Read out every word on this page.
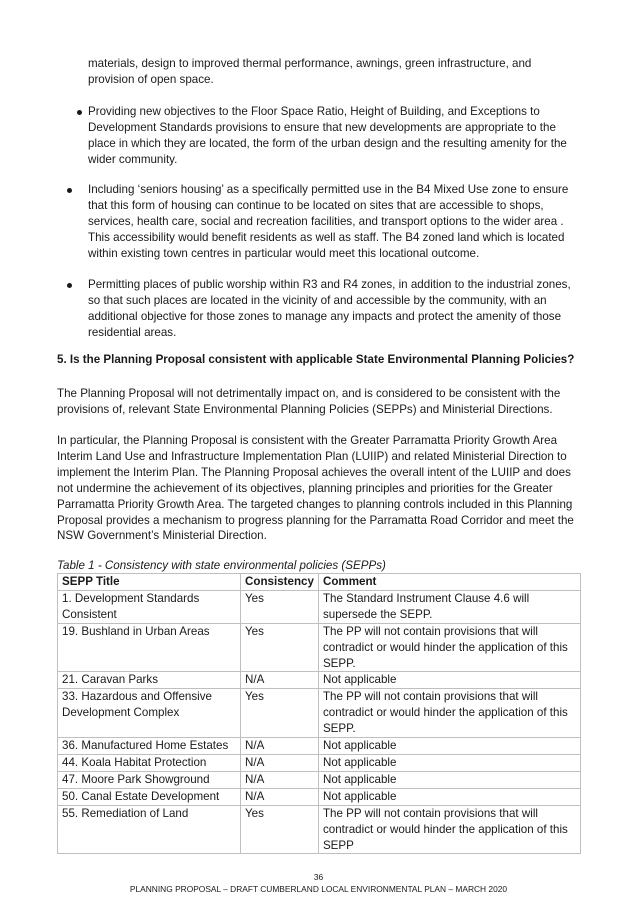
materials, design to improved thermal performance, awnings, green infrastructure, and provision of open space.

Providing new objectives to the Floor Space Ratio, Height of Building, and Exceptions to Development Standards provisions to ensure that new developments are appropriate to the place in which they are located, the form of the urban design and the resulting amenity for the wider community.

Including ‘seniors housing’ as a specifically permitted use in the B4 Mixed Use zone to ensure that this form of housing can continue to be located on sites that are accessible to shops, services, health care, social and recreation facilities, and transport options to the wider area . This accessibility would benefit residents as well as staff. The B4 zoned land which is located within existing town centres in particular would meet this locational outcome.

Permitting places of public worship within R3 and R4 zones, in addition to the industrial zones, so that such places are located in the vicinity of and accessible by the community, with an additional objective for those zones to manage any impacts and protect the amenity of those residential areas.

5. Is the Planning Proposal consistent with applicable State Environmental Planning Policies?

The Planning Proposal will not detrimentally impact on, and is considered to be consistent with the provisions of, relevant State Environmental Planning Policies (SEPPs) and Ministerial Directions.

In particular, the Planning Proposal is consistent with the Greater Parramatta Priority Growth Area Interim Land Use and Infrastructure Implementation Plan (LUIIP) and related Ministerial Direction to implement the Interim Plan. The Planning Proposal achieves the overall intent of the LUIIP and does not undermine the achievement of its objectives, planning principles and priorities for the Greater Parramatta Priority Growth Area. The targeted changes to planning controls included in this Planning Proposal provides a mechanism to progress planning for the Parramatta Road Corridor and meet the NSW Government’s Ministerial Direction.

Table 1 - Consistency with state environmental policies (SEPPs)
SEPP Title	Consistency	Comment
1. Development Standards Consistent	Yes	The Standard Instrument Clause 4.6 will supersede the SEPP.
19. Bushland in Urban Areas	Yes	The PP will not contain provisions that will contradict or would hinder the application of this SEPP.
21. Caravan Parks	N/A	Not applicable
33. Hazardous and Offensive Development Complex	Yes	The PP will not contain provisions that will contradict or would hinder the application of this SEPP.
36. Manufactured Home Estates	N/A	Not applicable
44. Koala Habitat Protection	N/A	Not applicable
47. Moore Park Showground	N/A	Not applicable
50. Canal Estate Development	N/A	Not applicable
55. Remediation of Land	Yes	The PP will not contain provisions that will contradict or would hinder the application of this SEPP
36
PLANNING PROPOSAL – DRAFT CUMBERLAND LOCAL ENVIRONMENTAL PLAN – MARCH 2020
